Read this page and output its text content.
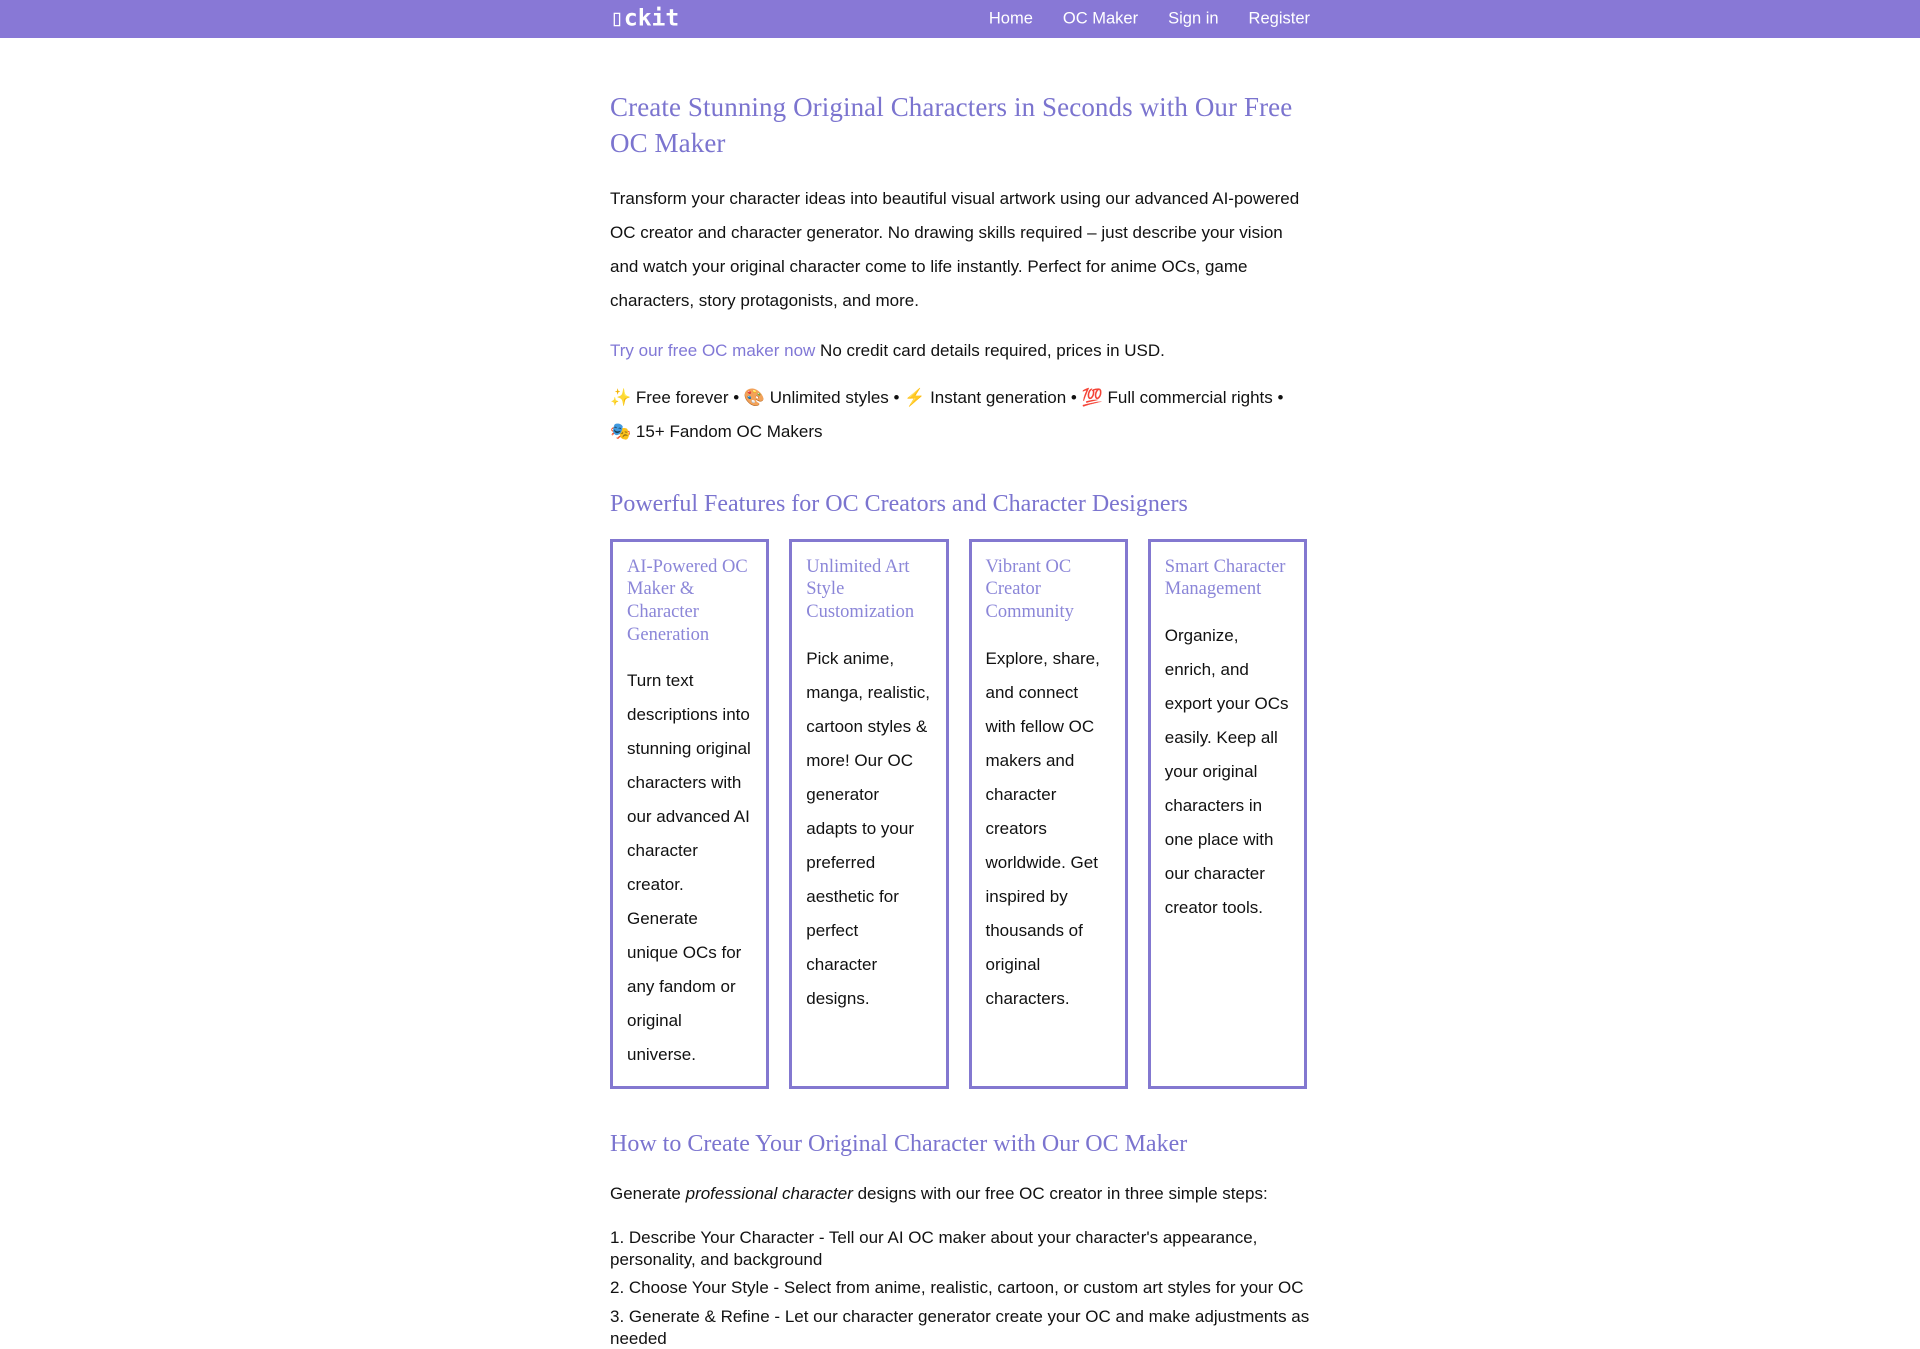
▯ckit	Home OC Maker Sign in Register
Create Stunning Original Characters in Seconds with Our Free OC Maker

Transform your character ideas into beautiful visual artwork using our advanced AI-powered OC creator and character generator. No drawing skills required – just describe your vision and watch your original character come to life instantly. Perfect for anime OCs, game characters, story protagonists, and more.

Try our free OC maker now No credit card details required, prices in USD.

✨ Free forever • 🎨 Unlimited styles • ⚡ Instant generation • 💯 Full commercial rights • 🎭 15+ Fandom OC Makers

Powerful Features for OC Creators and Character Designers
AI-Powered OC Maker & Character Generation

Turn text descriptions into stunning original characters with our advanced AI character creator. Generate unique OCs for any fandom or original universe.

Unlimited Art Style Customization

Pick anime, manga, realistic, cartoon styles & more! Our OC generator adapts to your preferred aesthetic for perfect character designs.

Vibrant OC Creator Community

Explore, share, and connect with fellow OC makers and character creators worldwide. Get inspired by thousands of original characters.

Smart Character Management

Organize, enrich, and export your OCs easily. Keep all your original characters in one place with our character creator tools.

How to Create Your Original Character with Our OC Maker

Generate professional character designs with our free OC creator in three simple steps:

1. Describe Your Character - Tell our AI OC maker about your character's appearance, personality, and background
2. Choose Your Style - Select from anime, realistic, cartoon, or custom art styles for your OC
3. Generate & Refine - Let our character generator create your OC and make adjustments as needed
